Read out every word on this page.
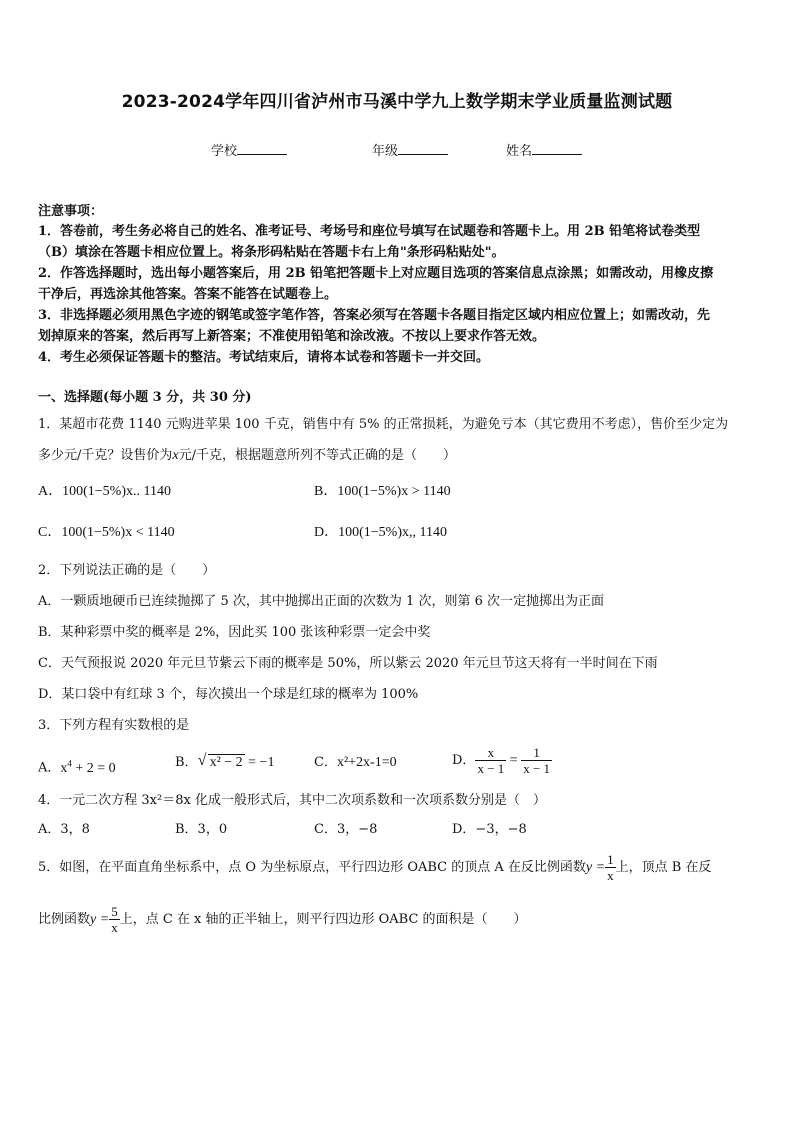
2023-2024学年四川省泸州市马溪中学九上数学期末学业质量监测试题
学校	年级	姓名
注意事项：
1．答卷前，考生务必将自己的姓名、准考证号、考场号和座位号填写在试题卷和答题卡上。用 2B 铅笔将试卷类型
（B）填涂在答题卡相应位置上。将条形码粘贴在答题卡右上角"条形码粘贴处"。
2．作答选择题时，选出每小题答案后，用 2B 铅笔把答题卡上对应题目选项的答案信息点涂黑；如需改动，用橡皮擦
干净后，再选涂其他答案。答案不能答在试题卷上。
3．非选择题必须用黑色字迹的钢笔或签字笔作答，答案必须写在答题卡各题目指定区域内相应位置上；如需改动，先
划掉原来的答案，然后再写上新答案；不准使用铅笔和涂改液。不按以上要求作答无效。
4．考生必须保证答题卡的整洁。考试结束后，请将本试卷和答题卡一并交回。
一、选择题(每小题 3 分，共 30 分)
1．某超市花费 1140 元购进苹果 100 千克，销售中有 5% 的正常损耗，为避免亏本（其它费用不考虑），售价至少定为
多少元/千克？设售价为x元/千克，根据题意所列不等式正确的是（　　）
A．100(1−5%)x.. 1140	B．100(1−5%)x > 1140
C．100(1−5%)x < 1140	D．100(1−5%)x,, 1140
2．下列说法正确的是（　　）
A．一颗质地硬币已连续抛掷了 5 次，其中抛掷出正面的次数为 1 次，则第 6 次一定抛掷出为正面
B．某种彩票中奖的概率是 2%，因此买 100 张该种彩票一定会中奖
C．天气预报说 2020 年元旦节紫云下雨的概率是 50%，所以紫云 2020 年元旦节这天将有一半时间在下雨
D．某口袋中有红球 3 个，每次摸出一个球是红球的概率为 100%
3．下列方程有实数根的是
A．$x^4 + 2 = 0$	B． √ x² − 2 = −1	C．x²+2x-1=0	D． $\frac{x}{x - 1} = \frac{1}{x - 1}$
4．一元二次方程 3x²＝8x 化成一般形式后，其中二次项系数和一次项系数分别是（　）
A．3，8	B．3，0	C．3，−8	D．−3，−8
5．如图，在平面直角坐标系中，点 O 为坐标原点，平行四边形 OABC 的顶点 A 在反比例函数$y = \frac{1}{x}$ 上，顶点 B 在反
比例函数$y = \frac{5}{x}$ 上，点 C 在 x 轴的正半轴上，则平行四边形 OABC 的面积是（　　）
